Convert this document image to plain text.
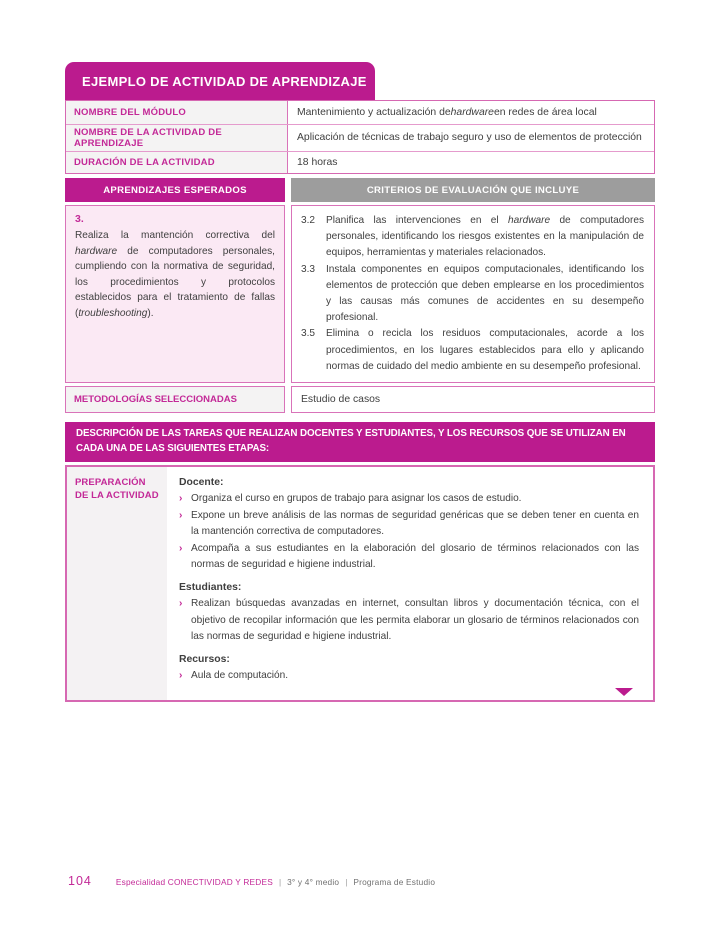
EJEMPLO DE ACTIVIDAD DE APRENDIZAJE
NOMBRE DEL MÓDULO	Mantenimiento y actualización de hardware en redes de área local
NOMBRE DE LA ACTIVIDAD DE APRENDIZAJE	Aplicación de técnicas de trabajo seguro y uso de elementos de protección
DURACIÓN DE LA ACTIVIDAD	18 horas
APRENDIZAJES ESPERADOS	CRITERIOS DE EVALUACIÓN QUE INCLUYE
3.
Realiza la mantención correctiva del hardware de computadores personales, cumpliendo con la normativa de seguridad, los procedimientos y protocolos establecidos para el tratamiento de fallas (troubleshooting).
3.2	Planifica las intervenciones en el hardware de computadores personales, identificando los riesgos existentes en la manipulación de equipos, herramientas y materiales relacionados.
3.3	Instala componentes en equipos computacionales, identificando los elementos de protección que deben emplearse en los procedimientos y las causas más comunes de accidentes en su desempeño profesional.
3.5	Elimina o recicla los residuos computacionales, acorde a los procedimientos, en los lugares establecidos para ello y aplicando normas de cuidado del medio ambiente en su desempeño profesional.
METODOLOGÍAS SELECCIONADAS	Estudio de casos
DESCRIPCIÓN DE LAS TAREAS QUE REALIZAN DOCENTES Y ESTUDIANTES, Y LOS RECURSOS QUE SE UTILIZAN EN CADA UNA DE LAS SIGUIENTES ETAPAS:
PREPARACIÓN DE LA ACTIVIDAD
Docente:
› Organiza el curso en grupos de trabajo para asignar los casos de estudio.
› Expone un breve análisis de las normas de seguridad genéricas que se deben tener en cuenta en la mantención correctiva de computadores.
› Acompaña a sus estudiantes en la elaboración del glosario de términos relacionados con las normas de seguridad e higiene industrial.
Estudiantes:
› Realizan búsquedas avanzadas en internet, consultan libros y documentación técnica, con el objetivo de recopilar información que les permita elaborar un glosario de términos relacionados con las normas de seguridad e higiene industrial.
Recursos:
› Aula de computación.
104	Especialidad CONECTIVIDAD Y REDES | 3° y 4° medio | Programa de Estudio
